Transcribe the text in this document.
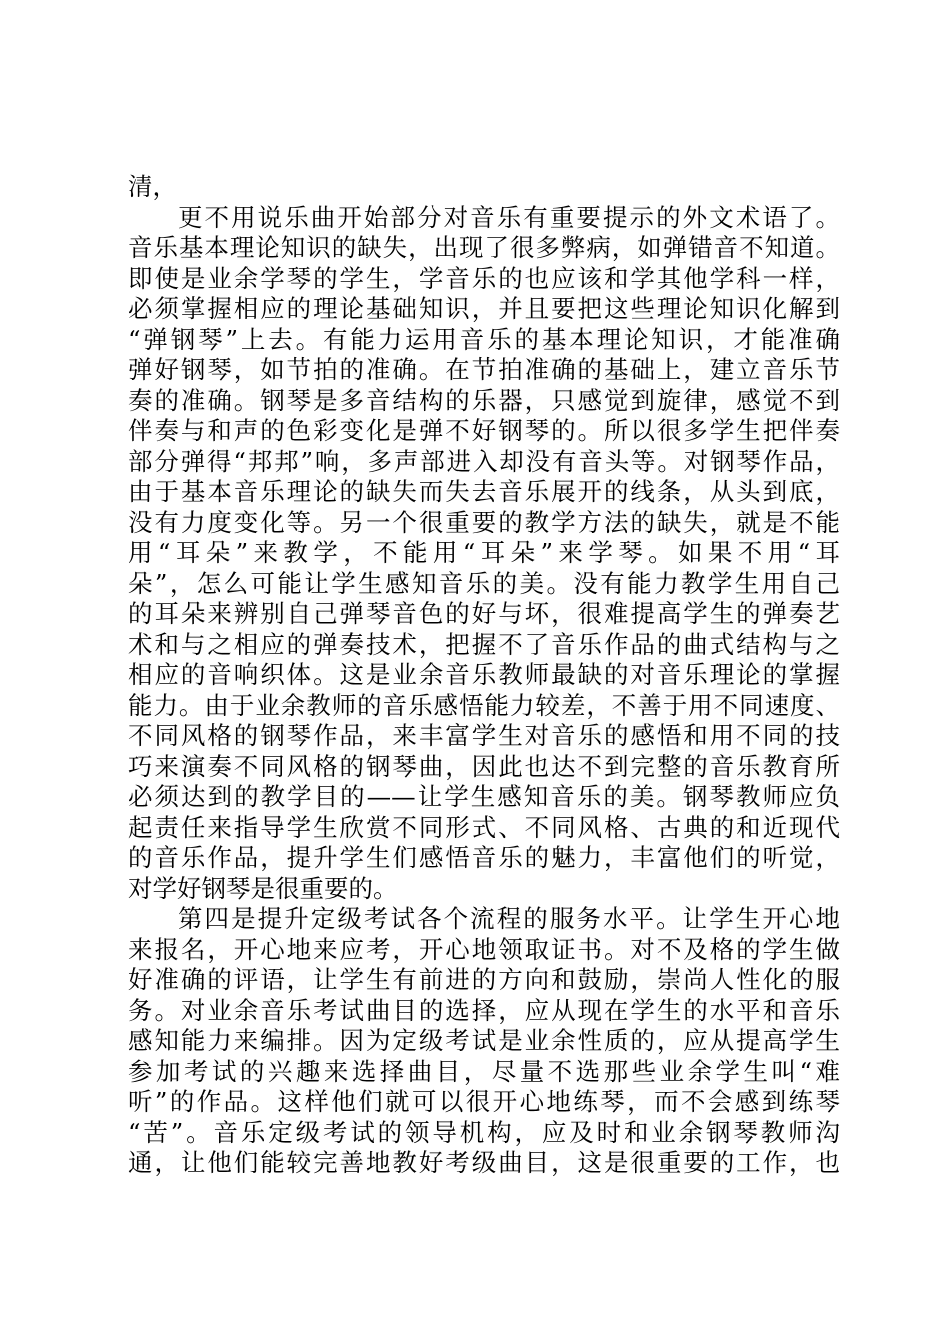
清，
更不用说乐曲开始部分对音乐有重要提示的外文术语了。
音乐基本理论知识的缺失，出现了很多弊病，如弹错音不知道。
即使是业余学琴的学生，学音乐的也应该和学其他学科一样，
必须掌握相应的理论基础知识，并且要把这些理论知识化解到
“弹钢琴”上去。有能力运用音乐的基本理论知识，才能准确
弹好钢琴，如节拍的准确。在节拍准确的基础上，建立音乐节
奏的准确。钢琴是多音结构的乐器，只感觉到旋律，感觉不到
伴奏与和声的色彩变化是弹不好钢琴的。所以很多学生把伴奏
部分弹得“邦邦”响，多声部进入却没有音头等。对钢琴作品，
由于基本音乐理论的缺失而失去音乐展开的线条，从头到底，
没有力度变化等。另一个很重要的教学方法的缺失，就是不能
用“耳朵”来教学，不能用“耳朵”来学琴。如果不用“耳
朵”，怎么可能让学生感知音乐的美。没有能力教学生用自己
的耳朵来辨别自己弹琴音色的好与坏，很难提高学生的弹奏艺
术和与之相应的弹奏技术，把握不了音乐作品的曲式结构与之
相应的音响织体。这是业余音乐教师最缺的对音乐理论的掌握
能力。由于业余教师的音乐感悟能力较差，不善于用不同速度、
不同风格的钢琴作品，来丰富学生对音乐的感悟和用不同的技
巧来演奏不同风格的钢琴曲，因此也达不到完整的音乐教育所
必须达到的教学目的——让学生感知音乐的美。钢琴教师应负
起责任来指导学生欣赏不同形式、不同风格、古典的和近现代
的音乐作品，提升学生们感悟音乐的魅力，丰富他们的听觉，
对学好钢琴是很重要的。
第四是提升定级考试各个流程的服务水平。让学生开心地
来报名，开心地来应考，开心地领取证书。对不及格的学生做
好准确的评语，让学生有前进的方向和鼓励，崇尚人性化的服
务。对业余音乐考试曲目的选择，应从现在学生的水平和音乐
感知能力来编排。因为定级考试是业余性质的，应从提高学生
参加考试的兴趣来选择曲目，尽量不选那些业余学生叫“难
听”的作品。这样他们就可以很开心地练琴，而不会感到练琴
“苦”。音乐定级考试的领导机构，应及时和业余钢琴教师沟
通，让他们能较完善地教好考级曲目，这是很重要的工作，也
